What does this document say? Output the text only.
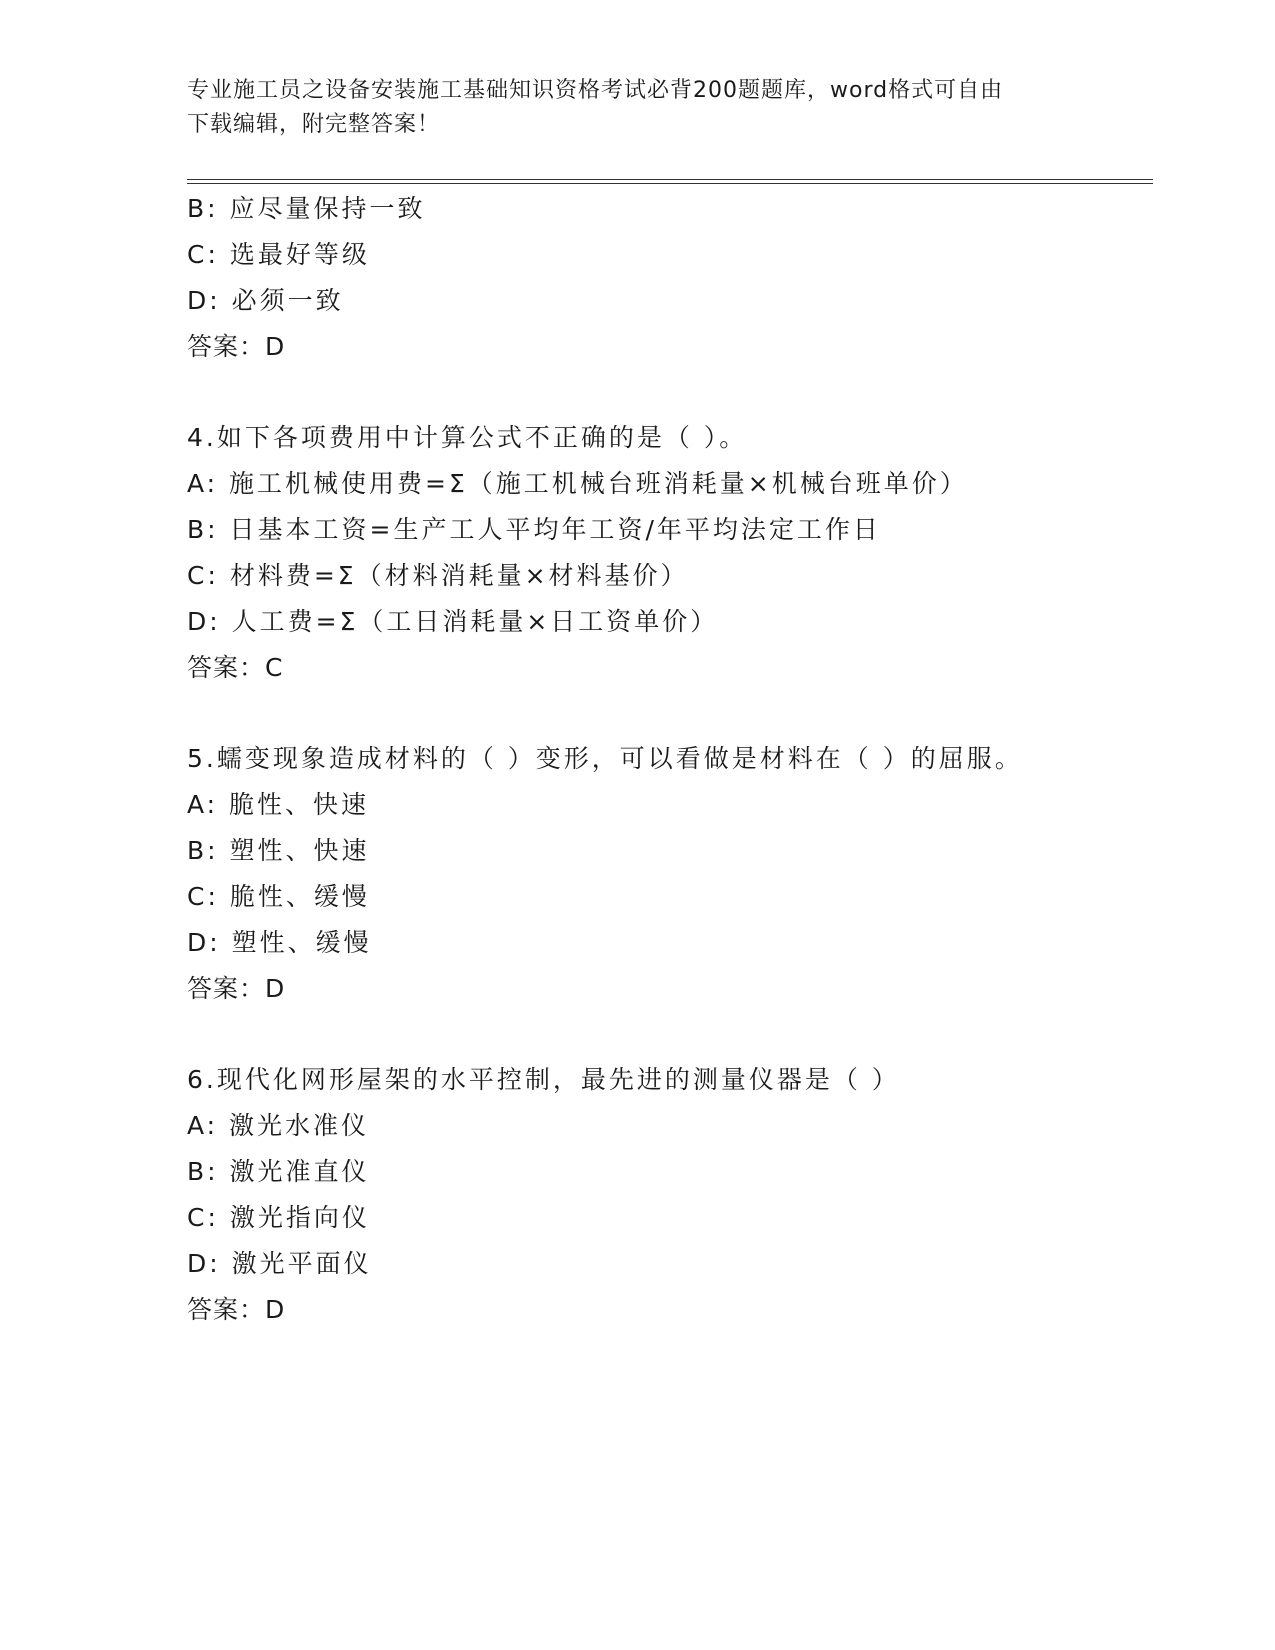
专业施工员之设备安装施工基础知识资格考试必背200题题库，word格式可自由
下载编辑，附完整答案！
B: 应尽量保持一致
C: 选最好等级
D: 必须一致
答案：D
4.如下各项费用中计算公式不正确的是（ ）。
A: 施工机械使用费=Σ（施工机械台班消耗量×机械台班单价）
B: 日基本工资=生产工人平均年工资/年平均法定工作日
C: 材料费=Σ（材料消耗量×材料基价）
D: 人工费=Σ（工日消耗量×日工资单价）
答案：C
5.蠕变现象造成材料的（ ）变形，可以看做是材料在（ ）的屈服。
A: 脆性、快速
B: 塑性、快速
C: 脆性、缓慢
D: 塑性、缓慢
答案：D
6.现代化网形屋架的水平控制，最先进的测量仪器是（ ）
A: 激光水准仪
B: 激光准直仪
C: 激光指向仪
D: 激光平面仪
答案：D
